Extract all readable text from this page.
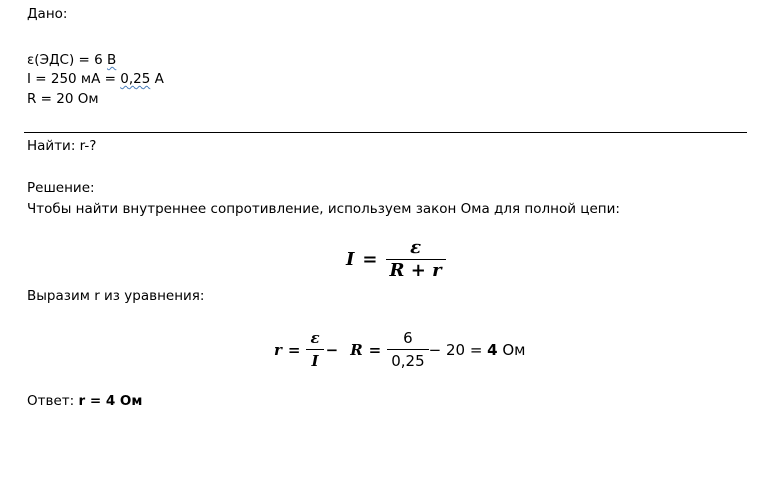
Дано:
ε(ЭДС) = 6 В
I = 250 мА = 0,25 А
R = 20 Ом
Найти: r-?
Решение:
Чтобы найти внутреннее сопротивление, используем закон Ома для полной цепи:
$I = \frac{\varepsilon}{R + r}$
Выразим r из уравнения:
$r = \frac{\varepsilon}{I} - R = \frac{6}{0,25} - 20 = 4$ Ом
Ответ: r = 4 Ом
